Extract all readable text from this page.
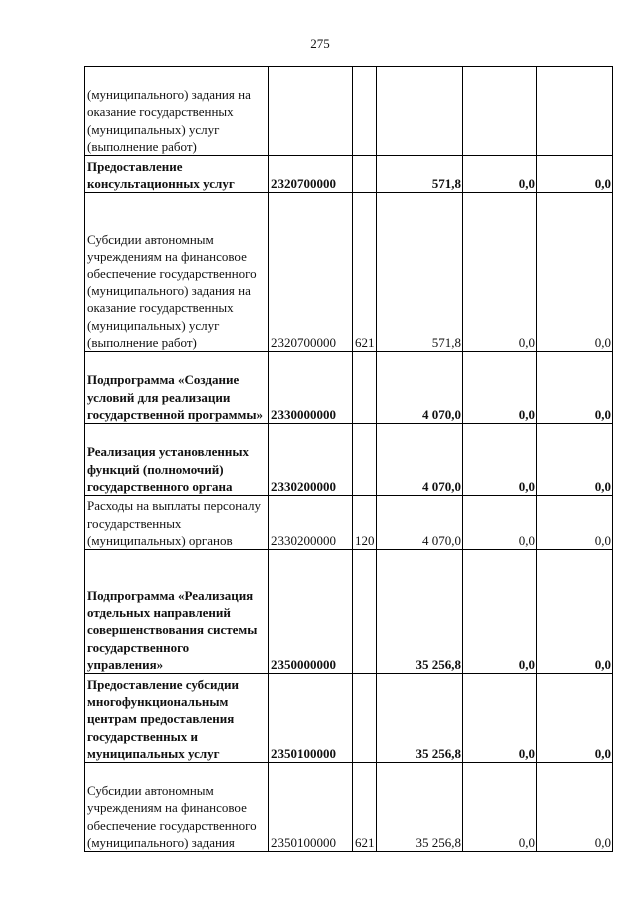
275
(муниципального) задания на оказание государственных (муниципальных) услуг (выполнение работ)					
Предоставление консультационных услуг	2320700000		571,8	0,0	0,0
Субсидии автономным учреждениям на финансовое обеспечение государственного (муниципального) задания на оказание государственных (муниципальных) услуг (выполнение работ)	2320700000	621	571,8	0,0	0,0
Подпрограмма «Создание условий для реализации государственной программы»	2330000000		4 070,0	0,0	0,0
Реализация установленных функций (полномочий) государственного органа	2330200000		4 070,0	0,0	0,0
Расходы на выплаты персоналу государственных (муниципальных) органов	2330200000	120	4 070,0	0,0	0,0
Подпрограмма «Реализация отдельных направлений совершенствования системы государственного управления»	2350000000		35 256,8	0,0	0,0
Предоставление субсидии многофункциональным центрам предоставления государственных и муниципальных услуг	2350100000		35 256,8	0,0	0,0
Субсидии автономным учреждениям на финансовое обеспечение государственного (муниципального) задания	2350100000	621	35 256,8	0,0	0,0
